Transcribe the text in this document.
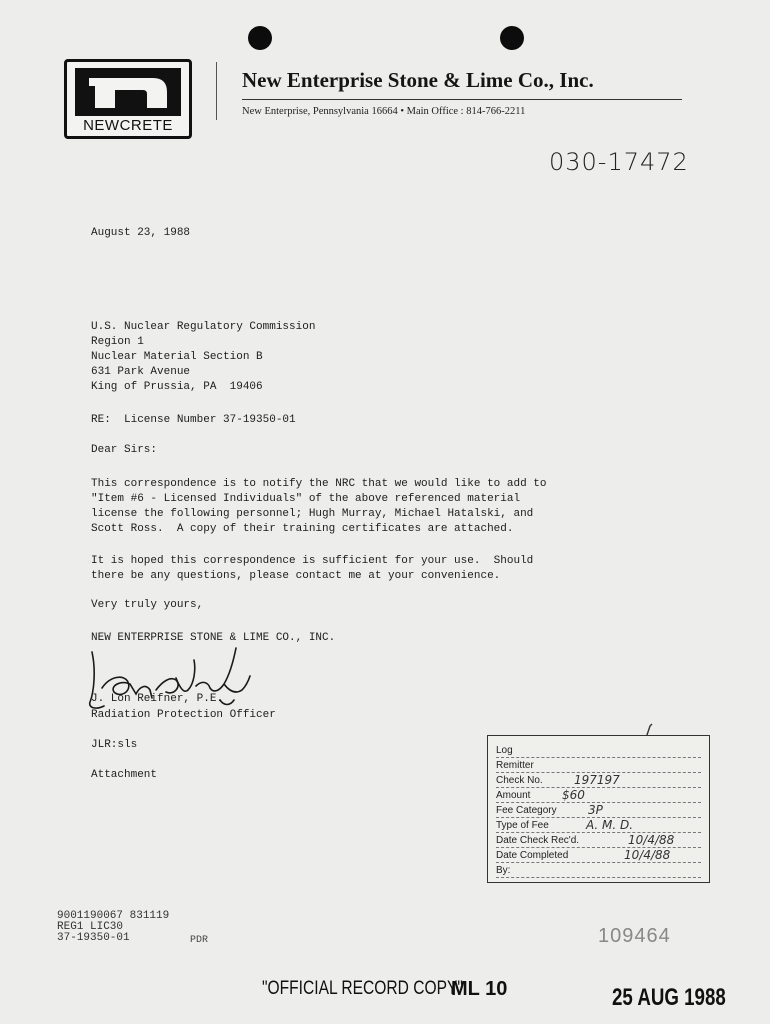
NEWCRETE
New Enterprise Stone & Lime Co., Inc.
New Enterprise, Pennsylvania 16664 • Main Office : 814-766-2211
030-17472
August 23, 1988
U.S. Nuclear Regulatory Commission
Region 1
Nuclear Material Section B
631 Park Avenue
King of Prussia, PA  19406
RE:  License Number 37-19350-01
Dear Sirs:
This correspondence is to notify the NRC that we would like to add to
"Item #6 - Licensed Individuals" of the above referenced material
license the following personnel; Hugh Murray, Michael Hatalski, and
Scott Ross.  A copy of their training certificates are attached.
It is hoped this correspondence is sufficient for your use.  Should
there be any questions, please contact me at your convenience.
Very truly yours,
NEW ENTERPRISE STONE & LIME CO., INC.
J. Lon Reifner, P.E.
Radiation Protection Officer
JLR:sls
Attachment
Log
Remitter
Check No.	197197
Amount	$60
Fee Category	3P
Type of Fee	A. M. D.
Date Check Rec'd.	10/4/88
Date Completed	10/4/88
By:
9001190067 831119
REG1 LIC30
37-19350-01	PDR	109464
"OFFICIAL RECORD COPY"
ML 10	25 AUG 1988
